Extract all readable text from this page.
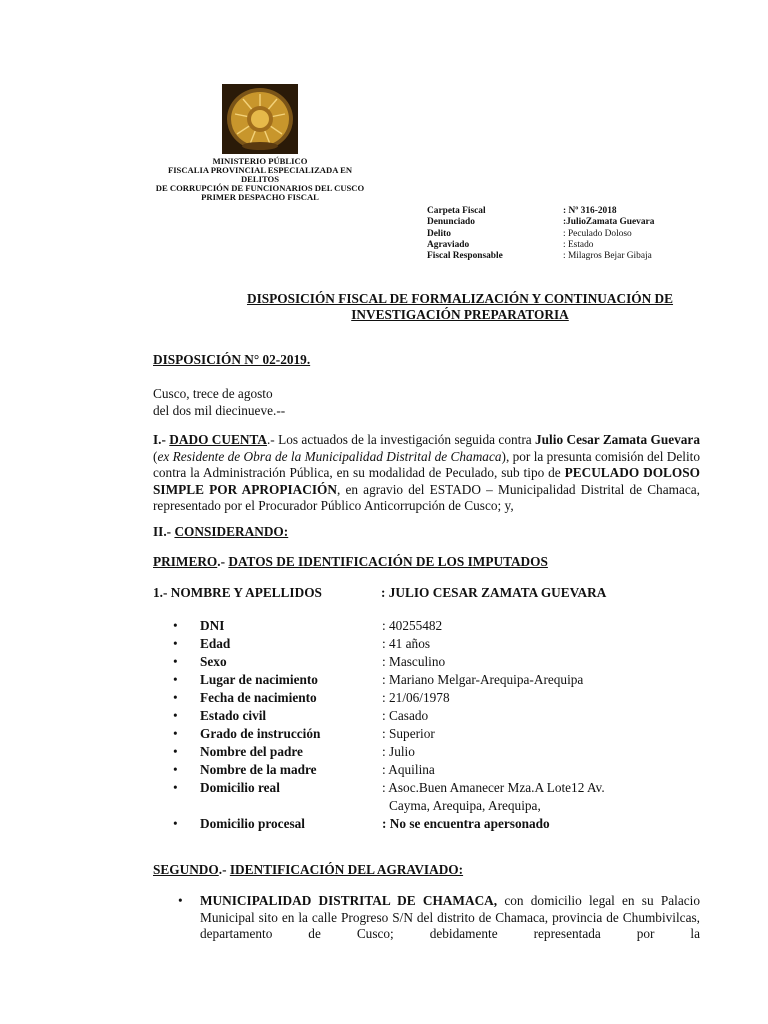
MINISTERIO PÚBLICO
FISCALIA PROVINCIAL ESPECIALIZADA EN DELITOS
DE CORRUPCIÓN DE FUNCIONARIOS DEL CUSCO
PRIMER DESPACHO FISCAL
Carpeta Fiscal	: Nº 316-2018
Denunciado	:JulioZamata Guevara
Delito	: Peculado Doloso
Agraviado	: Estado
Fiscal Responsable	: Milagros Bejar Gibaja
DISPOSICIÓN FISCAL DE FORMALIZACIÓN Y CONTINUACIÓN DE
INVESTIGACIÓN PREPARATORIA
DISPOSICIÓN N° 02-2019.
Cusco, trece de agosto
del dos mil diecinueve.--
I.- DADO CUENTA.- Los actuados de la investigación seguida contra Julio Cesar Zamata Guevara (ex Residente de Obra de la Municipalidad Distrital de Chamaca), por la presunta comisión del Delito contra la Administración Pública, en su modalidad de Peculado, sub tipo de PECULADO DOLOSO SIMPLE POR APROPIACIÓN, en agravio del ESTADO – Municipalidad Distrital de Chamaca, representado por el Procurador Público Anticorrupción de Cusco; y,
II.- CONSIDERANDO:
PRIMERO.- DATOS DE IDENTIFICACIÓN DE LOS IMPUTADOS
1.- NOMBRE Y APELLIDOS	: JULIO CESAR ZAMATA GUEVARA
•	DNI	: 40255482
•	Edad	: 41 años
•	Sexo	: Masculino
•	Lugar de nacimiento	: Mariano Melgar-Arequipa-Arequipa
•	Fecha de nacimiento	: 21/06/1978
•	Estado civil	: Casado
•	Grado de instrucción	: Superior
•	Nombre del padre	: Julio
•	Nombre de la madre	: Aquilina
•	Domicilio real	: Asoc.Buen Amanecer Mza.A Lote12 Av.
Cayma, Arequipa, Arequipa,
•	Domicilio procesal	: No se encuentra apersonado
SEGUNDO.- IDENTIFICACIÓN DEL AGRAVIADO:
•	MUNICIPALIDAD DISTRITAL DE CHAMACA, con domicilio legal en su Palacio Municipal sito en la calle Progreso S/N del distrito de Chamaca, provincia de Chumbivilcas, departamento de Cusco; debidamente representada por la
